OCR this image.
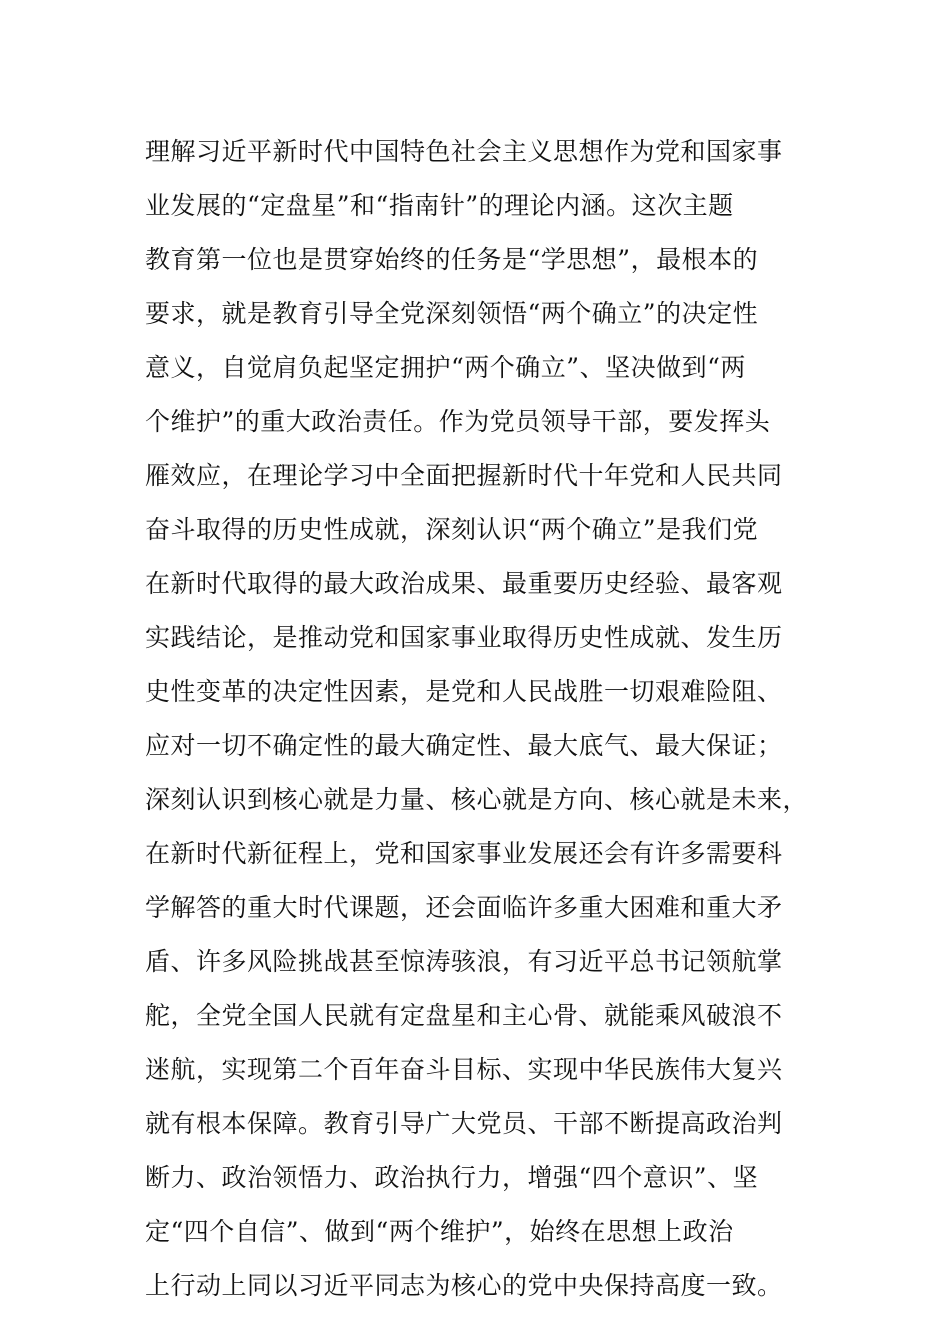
理解习近平新时代中国特色社会主义思想作为党和国家事
业发展的“定盘星”和“指南针”的理论内涵。这次主题
教育第一位也是贯穿始终的任务是“学思想”，最根本的
要求，就是教育引导全党深刻领悟“两个确立”的决定性
意义，自觉肩负起坚定拥护“两个确立”、坚决做到“两
个维护”的重大政治责任。作为党员领导干部，要发挥头
雁效应，在理论学习中全面把握新时代十年党和人民共同
奋斗取得的历史性成就，深刻认识“两个确立”是我们党
在新时代取得的最大政治成果、最重要历史经验、最客观
实践结论，是推动党和国家事业取得历史性成就、发生历
史性变革的决定性因素，是党和人民战胜一切艰难险阻、
应对一切不确定性的最大确定性、最大底气、最大保证；
深刻认识到核心就是力量、核心就是方向、核心就是未来，
在新时代新征程上，党和国家事业发展还会有许多需要科
学解答的重大时代课题，还会面临许多重大困难和重大矛
盾、许多风险挑战甚至惊涛骇浪，有习近平总书记领航掌
舵，全党全国人民就有定盘星和主心骨、就能乘风破浪不
迷航，实现第二个百年奋斗目标、实现中华民族伟大复兴
就有根本保障。教育引导广大党员、干部不断提高政治判
断力、政治领悟力、政治执行力，增强“四个意识”、坚
定“四个自信”、做到“两个维护”，始终在思想上政治
上行动上同以习近平同志为核心的党中央保持高度一致。
